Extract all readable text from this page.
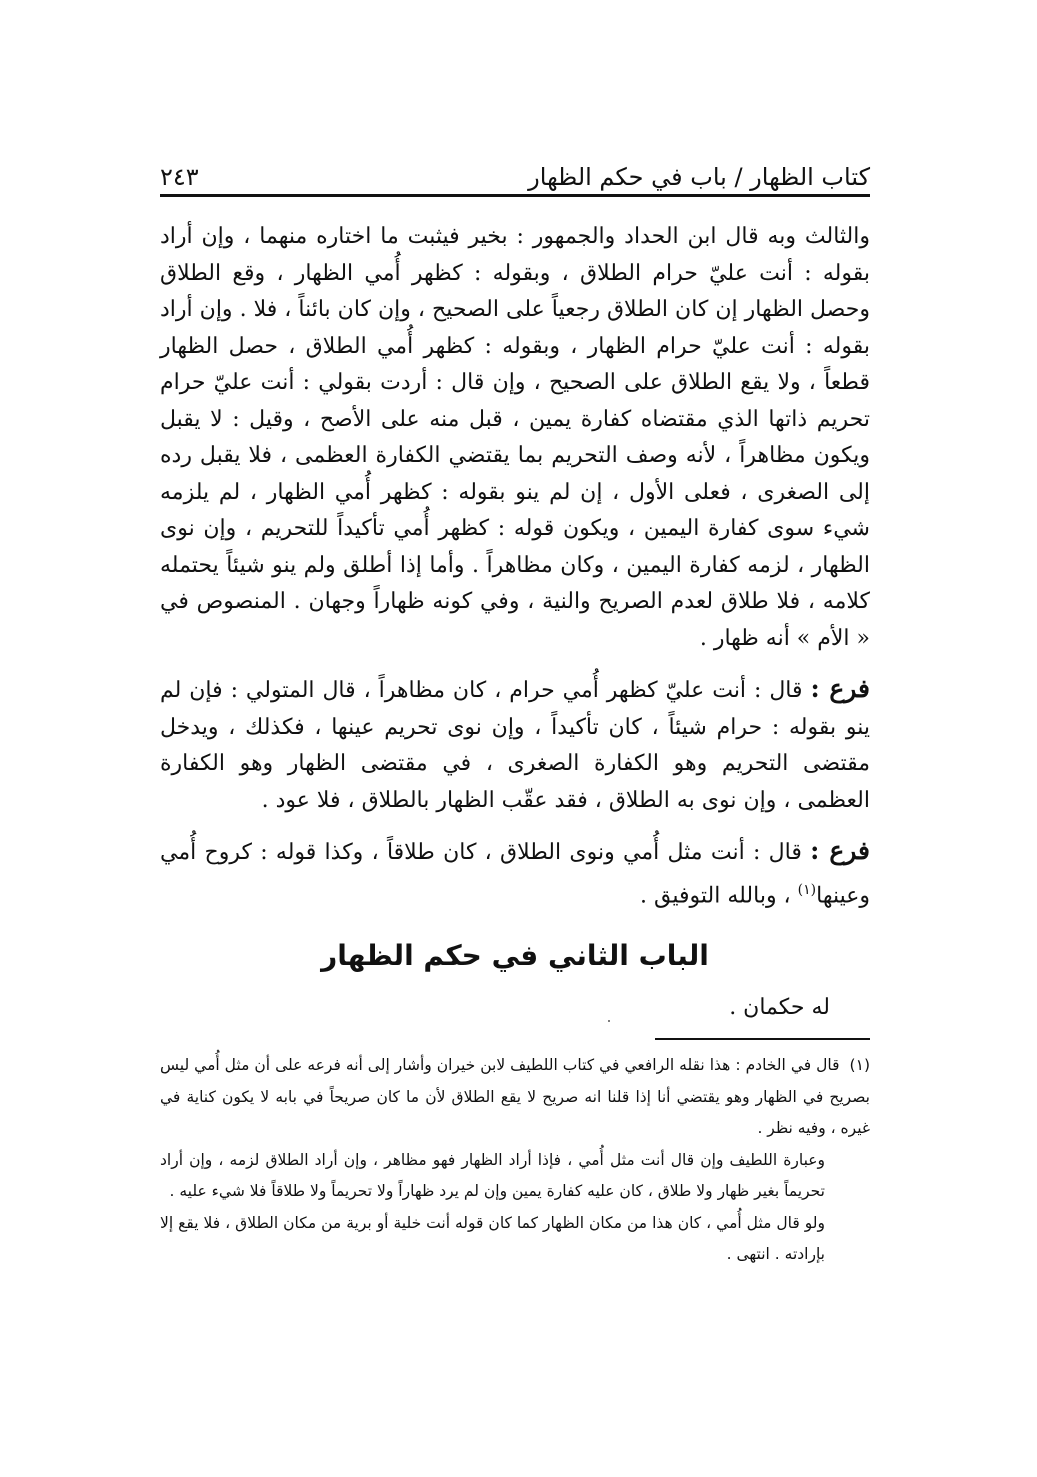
كتاب الظهار / باب في حكم الظهار
٢٤٣

والثالث وبه قال ابن الحداد والجمهور : بخير فيثبت ما اختاره منهما ، وإن أراد بقوله : أنت عليّ حرام الطلاق ، وبقوله : كظهر أُمي الظهار ، وقع الطلاق وحصل الظهار إن كان الطلاق رجعياً على الصحيح ، وإن كان بائناً ، فلا . وإن أراد بقوله : أنت عليّ حرام الظهار ، وبقوله : كظهر أُمي الطلاق ، حصل الظهار قطعاً ، ولا يقع الطلاق على الصحيح ، وإن قال : أردت بقولي : أنت عليّ حرام تحريم ذاتها الذي مقتضاه كفارة يمين ، قبل منه على الأصح ، وقيل : لا يقبل ويكون مظاهراً ، لأنه وصف التحريم بما يقتضي الكفارة العظمى ، فلا يقبل رده إلى الصغرى ، فعلى الأول ، إن لم ينو بقوله : كظهر أُمي الظهار ، لم يلزمه شيء سوى كفارة اليمين ، ويكون قوله : كظهر أُمي تأكيداً للتحريم ، وإن نوى الظهار ، لزمه كفارة اليمين ، وكان مظاهراً . وأما إذا أطلق ولم ينو شيئاً يحتمله كلامه ، فلا طلاق لعدم الصريح والنية ، وفي كونه ظهاراً وجهان . المنصوص في « الأم » أنه ظهار .

فرع : قال : أنت عليّ كظهر أُمي حرام ، كان مظاهراً ، قال المتولي : فإن لم ينو بقوله : حرام شيئاً ، كان تأكيداً ، وإن نوى تحريم عينها ، فكذلك ، ويدخل مقتضى التحريم وهو الكفارة الصغرى ، في مقتضى الظهار وهو الكفارة العظمى ، وإن نوى به الطلاق ، فقد عقّب الظهار بالطلاق ، فلا عود .

فرع : قال : أنت مثل أُمي ونوى الطلاق ، كان طلاقاً ، وكذا قوله : كروح أُمي وعينها$^{(١)}$ ، وبالله التوفيق .

الباب الثاني في حكم الظهار
له حكمان .

(١)قال في الخادم : هذا نقله الرافعي في كتاب اللطيف لابن خيران وأشار إلى أنه فرعه على أن مثل أُمي ليس بصريح في الظهار وهو يقتضي أنا إذا قلنا انه صريح لا يقع الطلاق لأن ما كان صريحاً في بابه لا يكون كناية في غيره ، وفيه نظر .

وعبارة اللطيف وإن قال أنت مثل أُمي ، فإذا أراد الظهار فهو مظاهر ، وإن أراد الطلاق لزمه ، وإن أراد تحريماً بغير ظهار ولا طلاق ، كان عليه كفارة يمين وإن لم يرد ظهاراً ولا تحريماً ولا طلاقاً فلا شيء عليه .

ولو قال مثل أُمي ، كان هذا من مكان الظهار كما كان قوله أنت خلية أو برية من مكان الطلاق ، فلا يقع إلا بإرادته . انتهى .
